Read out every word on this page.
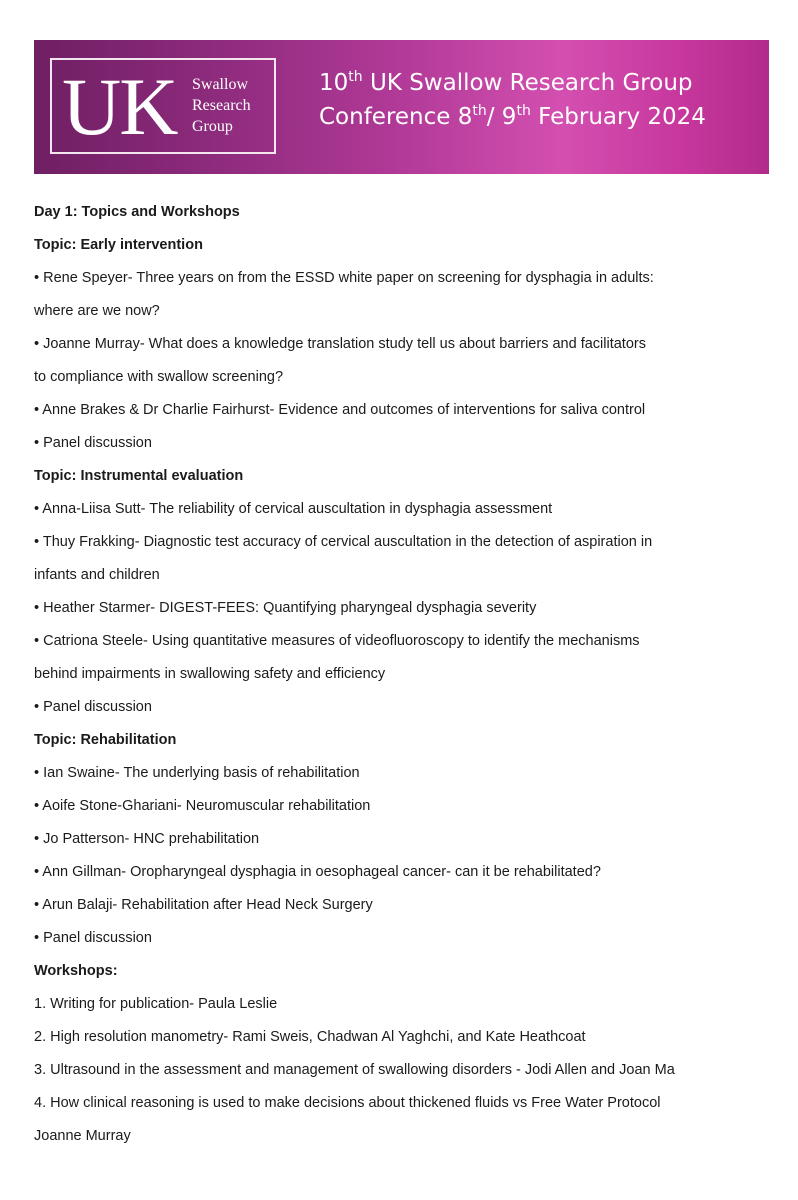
UK Swallow
Research
Group
10th UK Swallow Research Group
Conference 8th/ 9th February 2024
Day 1: Topics and Workshops
Topic: Early intervention
• Rene Speyer- Three years on from the ESSD white paper on screening for dysphagia in adults:
where are we now?
• Joanne Murray- What does a knowledge translation study tell us about barriers and facilitators
to compliance with swallow screening?
• Anne Brakes & Dr Charlie Fairhurst- Evidence and outcomes of interventions for saliva control
• Panel discussion
Topic: Instrumental evaluation
• Anna-Liisa Sutt- The reliability of cervical auscultation in dysphagia assessment
• Thuy Frakking- Diagnostic test accuracy of cervical auscultation in the detection of aspiration in
infants and children
• Heather Starmer- DIGEST-FEES: Quantifying pharyngeal dysphagia severity
• Catriona Steele- Using quantitative measures of videofluoroscopy to identify the mechanisms
behind impairments in swallowing safety and efficiency
• Panel discussion
Topic: Rehabilitation
• Ian Swaine- The underlying basis of rehabilitation
• Aoife Stone-Ghariani- Neuromuscular rehabilitation
• Jo Patterson- HNC prehabilitation
• Ann Gillman- Oropharyngeal dysphagia in oesophageal cancer- can it be rehabilitated?
• Arun Balaji- Rehabilitation after Head Neck Surgery
• Panel discussion
Workshops:
1. Writing for publication- Paula Leslie
2. High resolution manometry- Rami Sweis, Chadwan Al Yaghchi, and Kate Heathcoat
3. Ultrasound in the assessment and management of swallowing disorders - Jodi Allen and Joan Ma
4. How clinical reasoning is used to make decisions about thickened fluids vs Free Water Protocol
Joanne Murray
